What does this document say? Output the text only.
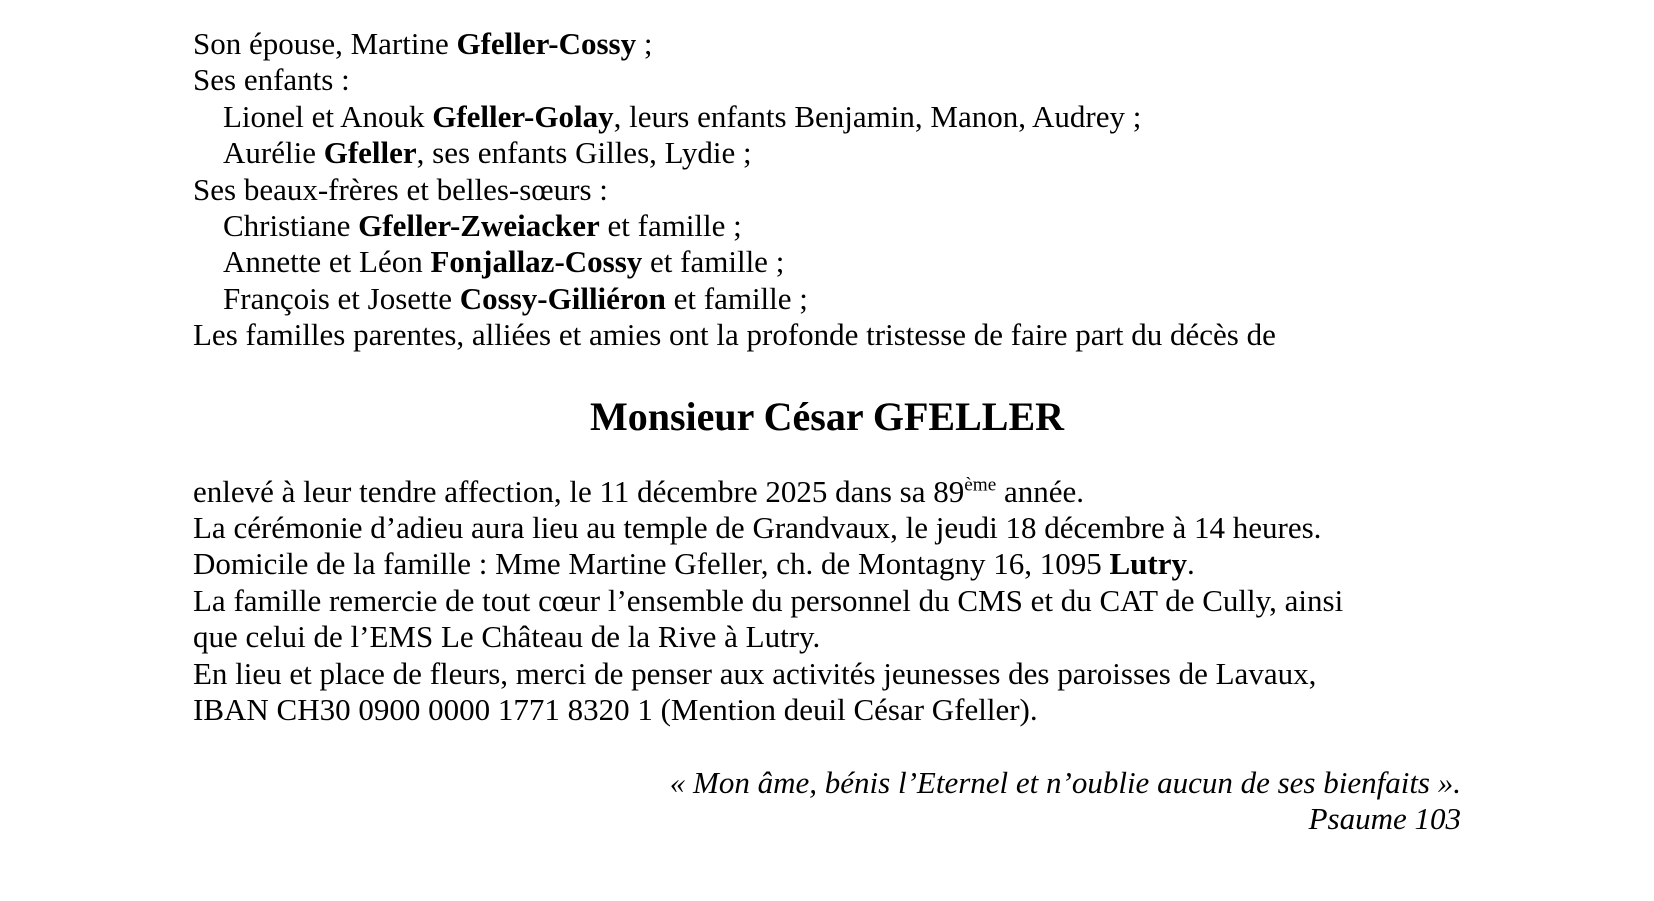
Son épouse, Martine Gfeller-Cossy ;
Ses enfants :
Lionel et Anouk Gfeller-Golay, leurs enfants Benjamin, Manon, Audrey ;
Aurélie Gfeller, ses enfants Gilles, Lydie ;
Ses beaux-frères et belles-sœurs :
Christiane Gfeller-Zweiacker et famille ;
Annette et Léon Fonjallaz-Cossy et famille ;
François et Josette Cossy-Gilliéron et famille ;
Les familles parentes, alliées et amies ont la profonde tristesse de faire part du décès de
Monsieur César GFELLER
enlevé à leur tendre affection, le 11 décembre 2025 dans sa 89ème année.
La cérémonie d’adieu aura lieu au temple de Grandvaux, le jeudi 18 décembre à 14 heures.
Domicile de la famille : Mme Martine Gfeller, ch. de Montagny 16, 1095 Lutry.
La famille remercie de tout cœur l’ensemble du personnel du CMS et du CAT de Cully, ainsi
que celui de l’EMS Le Château de la Rive à Lutry.
En lieu et place de fleurs, merci de penser aux activités jeunesses des paroisses de Lavaux,
IBAN CH30 0900 0000 1771 8320 1 (Mention deuil César Gfeller).
« Mon âme, bénis l’Eternel et n’oublie aucun de ses bienfaits ».
Psaume 103
